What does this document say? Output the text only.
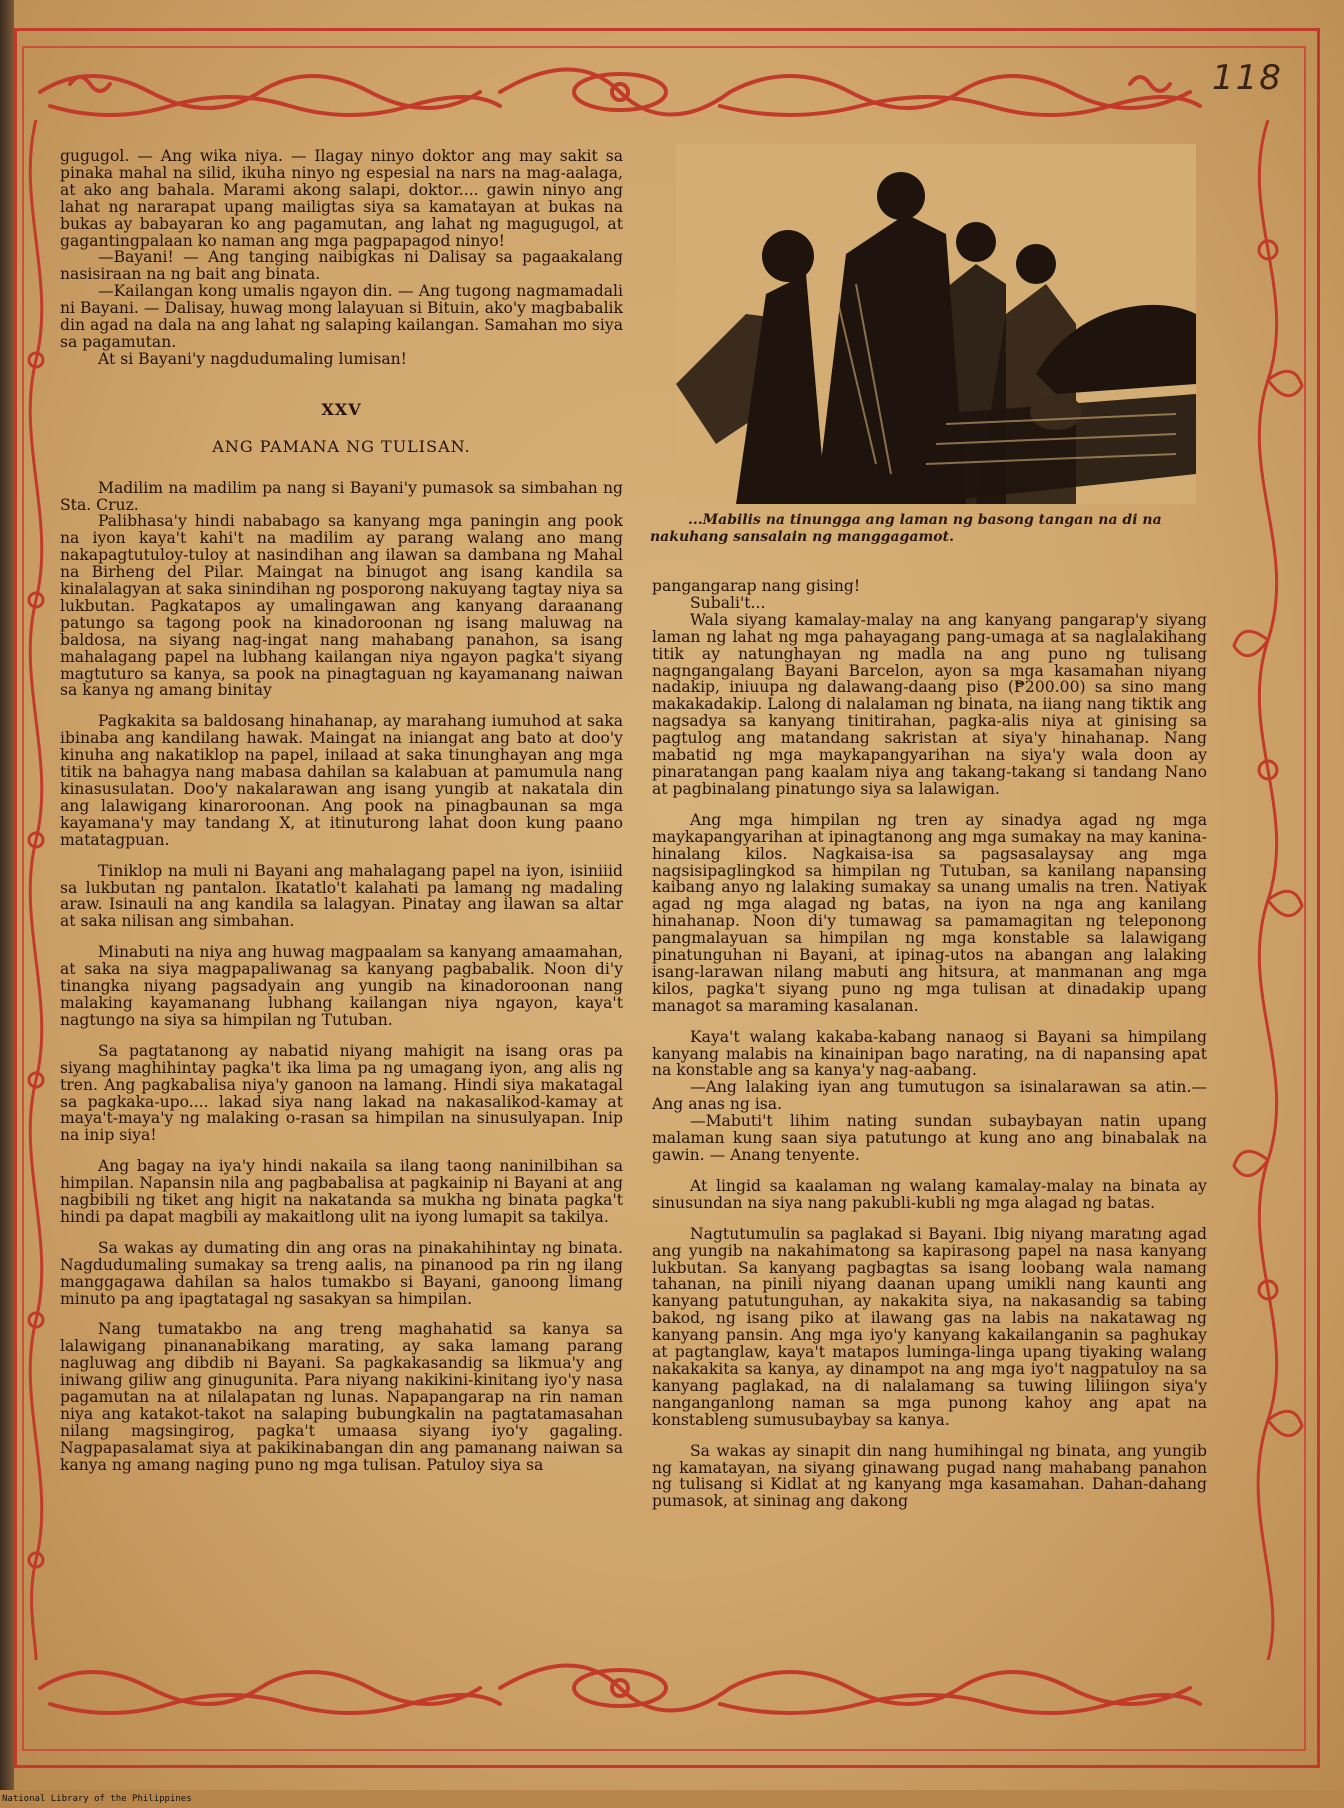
118
...Mabilis na tinungga ang laman ng basong tangan na di na nakuhang sansalain ng manggagamot.

gugugol. — Ang wika niya. — Ilagay ninyo doktor ang may sakit sa pinaka mahal na silid, ikuha ninyo ng espesial na nars na mag-aalaga, at ako ang bahala. Marami akong salapi, doktor.... gawin ninyo ang lahat ng nararapat upang mailigtas siya sa kamatayan at bukas na bukas ay babayaran ko ang pagamutan, ang lahat ng magugugol, at gagantingpalaan ko naman ang mga pagpapagod ninyo!

—Bayani! — Ang tanging naibigkas ni Dalisay sa pagaakalang nasisiraan na ng bait ang binata.

—Kailangan kong umalis ngayon din. — Ang tugong nagmamadali ni Bayani. — Dalisay, huwag mong lalayuan si Bituin, ako'y magbabalik din agad na dala na ang lahat ng salaping kailangan. Samahan mo siya sa pagamutan.

At si Bayani'y nagdudumaling lumisan!

XXV
ANG PAMANA NG TULISAN.

Madilim na madilim pa nang si Bayani'y pumasok sa simbahan ng Sta. Cruz.

Palibhasa'y hindi nababago sa kanyang mga paningin ang pook na iyon kaya't kahi't na madilim ay parang walang ano mang nakapagtutuloy-tuloy at nasindihan ang ilawan sa dambana ng Mahal na Birheng del Pilar. Maingat na binugot ang isang kandila sa kinalalagyan at saka sinindihan ng posporong nakuyang tagtay niya sa lukbutan. Pagkatapos ay umalingawan ang kanyang daraanang patungo sa tagong pook na kinadoroonan ng isang maluwag na baldosa, na siyang nag-ingat nang mahabang panahon, sa isang mahalagang papel na lubhang kailangan niya ngayon pagka't siyang magtuturo sa kanya, sa pook na pinagtaguan ng kayamanang naiwan sa kanya ng amang binitay

Pagkakita sa baldosang hinahanap, ay marahang iumuhod at saka ibinaba ang kandilang hawak. Maingat na iniangat ang bato at doo'y kinuha ang nakatiklop na papel, inilaad at saka tinunghayan ang mga titik na bahagya nang mabasa dahilan sa kalabuan at pamumula nang kinasusulatan. Doo'y nakalarawan ang isang yungib at nakatala din ang lalawigang kinaroroonan. Ang pook na pinagbaunan sa mga kayamana'y may tandang X, at itinuturong lahat doon kung paano matatagpuan.

Tiniklop na muli ni Bayani ang mahalagang papel na iyon, isiniiid sa lukbutan ng pantalon. Ikatatlo't kalahati pa lamang ng madaling araw. Isinauli na ang kandila sa lalagyan. Pinatay ang ilawan sa altar at saka nilisan ang simbahan.

Minabuti na niya ang huwag magpaalam sa kanyang amaamahan, at saka na siya magpapaliwanag sa kanyang pagbabalik. Noon di'y tinangka niyang pagsadyain ang yungib na kinadoroonan nang malaking kayamanang lubhang kailangan niya ngayon, kaya't nagtungo na siya sa himpilan ng Tutuban.

Sa pagtatanong ay nabatid niyang mahigit na isang oras pa siyang maghihintay pagka't ika lima pa ng umagang iyon, ang alis ng tren. Ang pagkabalisa niya'y ganoon na lamang. Hindi siya makatagal sa pagkaka-upo.... lakad siya nang lakad na nakasalikod-kamay at maya't-maya'y ng malaking o-rasan sa himpilan na sinusulyapan. Inip na inip siya!

Ang bagay na iya'y hindi nakaila sa ilang taong naninilbihan sa himpilan. Napansin nila ang pagbabalisa at pagkainip ni Bayani at ang nagbibili ng tiket ang higit na nakatanda sa mukha ng binata pagka't hindi pa dapat magbili ay makaitlong ulit na iyong lumapit sa takilya.

Sa wakas ay dumating din ang oras na pinakahihintay ng binata. Nagdudumaling sumakay sa treng aalis, na pinanood pa rin ng ilang manggagawa dahilan sa halos tumakbo si Bayani, ganoong limang minuto pa ang ipagtatagal ng sasakyan sa himpilan.

Nang tumatakbo na ang treng maghahatid sa kanya sa lalawigang pinananabikang marating, ay saka lamang parang nagluwag ang dibdib ni Bayani. Sa pagkakasandig sa likmua'y ang iniwang giliw ang ginugunita. Para niyang nakikini-kinitang iyo'y nasa pagamutan na at nilalapatan ng lunas. Napapangarap na rin naman niya ang katakot-takot na salaping bubungkalin na pagtatamasahan nilang magsingirog, pagka't umaasa siyang iyo'y gagaling. Nagpapasalamat siya at pakikinabangan din ang pamanang naiwan sa kanya ng amang naging puno ng mga tulisan. Patuloy siya sa

pangangarap nang gising!

Subali't...

Wala siyang kamalay-malay na ang kanyang pangarap'y siyang laman ng lahat ng mga pahayagang pang-umaga at sa naglalakihang titik ay natunghayan ng madla na ang puno ng tulisang nagngangalang Bayani Barcelon, ayon sa mga kasamahan niyang nadakip, iniuupa ng dalawang-daang piso (₱200.00) sa sino mang makakadakip. Lalong di nalalaman ng binata, na iiang nang tiktik ang nagsadya sa kanyang tinitirahan, pagka-alis niya at ginising sa pagtulog ang matandang sakristan at siya'y hinahanap. Nang mabatid ng mga maykapangyarihan na siya'y wala doon ay pinaratangan pang kaalam niya ang takang-takang si tandang Nano at pagbinalang pinatungo siya sa lalawigan.

Ang mga himpilan ng tren ay sinadya agad ng mga maykapangyarihan at ipinagtanong ang mga sumakay na may kanina-hinalang kilos. Nagkaisa-isa sa pagsasalaysay ang mga nagsisipaglingkod sa himpilan ng Tutuban, sa kanilang napansing kaibang anyo ng lalaking sumakay sa unang umalis na tren. Natiyak agad ng mga alagad ng batas, na iyon na nga ang kanilang hinahanap. Noon di'y tumawag sa pamamagitan ng teleponong pangmalayuan sa himpilan ng mga konstable sa lalawigang pinatunguhan ni Bayani, at ipinag-utos na abangan ang lalaking isang-larawan nilang mabuti ang hitsura, at manmanan ang mga kilos, pagka't siyang puno ng mga tulisan at dinadakip upang managot sa maraming kasalanan.

Kaya't walang kakaba-kabang nanaog si Bayani sa himpilang kanyang malabis na kinainipan bago narating, na di napansing apat na konstable ang sa kanya'y nag-aabang.

—Ang lalaking iyan ang tumutugon sa isinalarawan sa atin.— Ang anas ng isa.

—Mabuti't lihim nating sundan subaybayan natin upang malaman kung saan siya patutungo at kung ano ang binabalak na gawin. — Anang tenyente.

At lingid sa kaalaman ng walang kamalay-malay na binata ay sinusundan na siya nang pakubli-kubli ng mga alagad ng batas.

Nagtutumulin sa paglakad si Bayani. Ibig niyang maratıng agad ang yungib na nakahimatong sa kapirasong papel na nasa kanyang lukbutan. Sa kanyang pagbagtas sa isang loobang wala namang tahanan, na pinili niyang daanan upang umikli nang kaunti ang kanyang patutunguhan, ay nakakita siya, na nakasandig sa tabing bakod, ng isang piko at ilawang gas na labis na nakatawag ng kanyang pansin. Ang mga iyo'y kanyang kakailanganin sa paghukay at pagtanglaw, kaya't matapos luminga-linga upang tiyaking walang nakakakita sa kanya, ay dinampot na ang mga iyo't nagpatuloy na sa kanyang paglakad, na di nalalamang sa tuwing liliingon siya'y nanganganlong naman sa mga punong kahoy ang apat na konstableng sumusubaybay sa kanya.

Sa wakas ay sinapit din nang humihingal ng binata, ang yungib ng kamatayan, na siyang ginawang pugad nang mahabang panahon ng tulisang si Kidlat at ng kanyang mga kasamahan. Dahan-dahang pumasok, at sininag ang dakong

National Library of the Philippines
